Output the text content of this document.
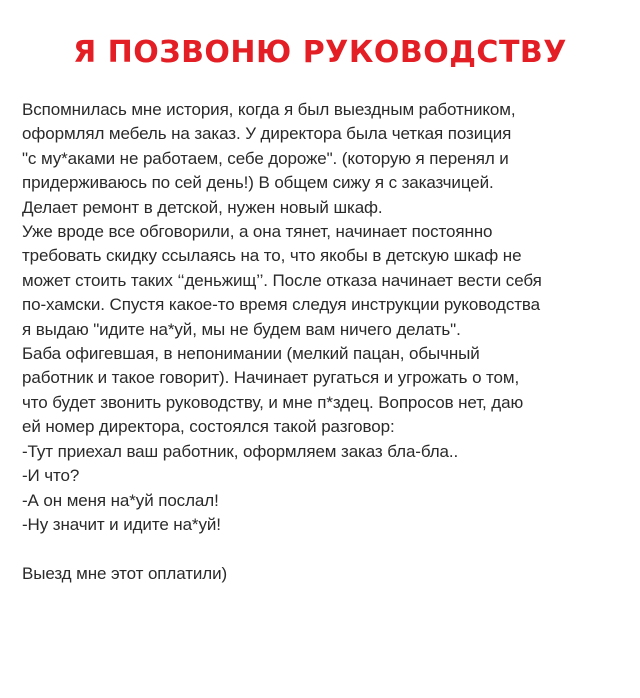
Я ПОЗВОНЮ РУКОВОДСТВУ
Вспомнилась мне история, когда я был выездным работником,
оформлял мебель на заказ. У директора была четкая позиция
"с му*аками не работаем, себе дороже". (которую я перенял и
придерживаюсь по сей день!) В общем сижу я с заказчицей.
Делает ремонт в детской, нужен новый шкаф.
Уже вроде все обговорили, а она тянет, начинает постоянно
требовать скидку ссылаясь на то, что якобы в детскую шкаф не
может стоить таких ‘‘деньжищ’’. После отказа начинает вести себя
по-хамски. Спустя какое-то время следуя инструкции руководства
я выдаю "идите на*уй, мы не будем вам ничего делать".
Баба офигевшая, в непонимании (мелкий пацан, обычный
работник и такое говорит). Начинает ругаться и угрожать о том,
что будет звонить руководству, и мне п*здец. Вопросов нет, даю
ей номер директора, состоялся такой разговор:
-Тут приехал ваш работник, оформляем заказ бла-бла..
-И что?
-А он меня на*уй послал!
-Ну значит и идите на*уй!
Выезд мне этот оплатили)
